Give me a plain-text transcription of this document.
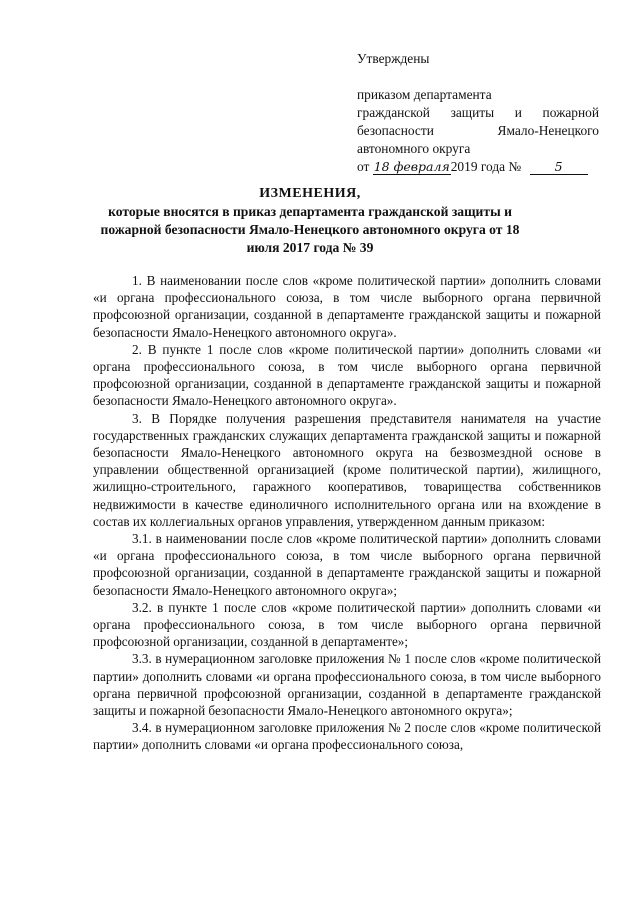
Утверждены
приказом департамента
гражданской защиты и пожарной
безопасности Ямало-Ненецкого
автономного округа
от 18 февраля2019 года №	5
ИЗМЕНЕНИЯ,
которые вносятся в приказ департамента гражданской защиты и пожарной безопасности Ямало-Ненецкого автономного округа от 18 июля 2017 года № 39

1. В наименовании после слов «кроме политической партии» дополнить словами «и органа профессионального союза, в том числе выборного органа первичной профсоюзной организации, созданной в департаменте гражданской защиты и пожарной безопасности Ямало-Ненецкого автономного округа».

2. В пункте 1 после слов «кроме политической партии» дополнить словами «и органа профессионального союза, в том числе выборного органа первичной профсоюзной организации, созданной в департаменте гражданской защиты и пожарной безопасности Ямало-Ненецкого автономного округа».

3. В Порядке получения разрешения представителя нанимателя на участие государственных гражданских служащих департамента гражданской защиты и пожарной безопасности Ямало-Ненецкого автономного округа на безвозмездной основе в управлении общественной организацией (кроме политической партии), жилищного, жилищно-строительного, гаражного кооперативов, товарищества собственников недвижимости в качестве единоличного исполнительного органа или на вхождение в состав их коллегиальных органов управления, утвержденном данным приказом:

3.1. в наименовании после слов «кроме политической партии» дополнить словами «и органа профессионального союза, в том числе выборного органа первичной профсоюзной организации, созданной в департаменте гражданской защиты и пожарной безопасности Ямало-Ненецкого автономного округа»;

3.2. в пункте 1 после слов «кроме политической партии» дополнить словами «и органа профессионального союза, в том числе выборного органа первичной профсоюзной организации, созданной в департаменте»;

3.3. в нумерационном заголовке приложения № 1 после слов «кроме политической партии» дополнить словами «и органа профессионального союза, в том числе выборного органа первичной профсоюзной организации, созданной в департаменте гражданской защиты и пожарной безопасности Ямало-Ненецкого автономного округа»;

3.4. в нумерационном заголовке приложения № 2 после слов «кроме политической партии» дополнить словами «и органа профессионального союза,
